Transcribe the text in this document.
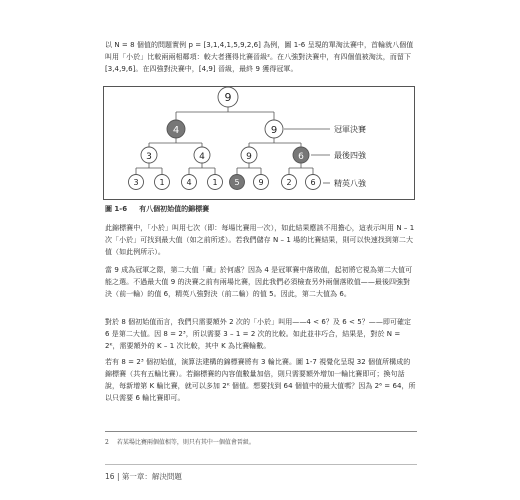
以 N = 8 個值的問題實例 p = [3,1,4,1,5,9,2,6] 為例，圖 1-6 呈現的單淘汰賽中，首輪就八個值叫用「小於」比較兩兩相鄰項：較大者獲得比賽晉級²。在八強對決賽中，有四個值被淘汰，而留下 [3,4,9,6]。在四強對決賽中，[4,9] 晉級，最終 9 獲得冠軍。

9
4	9
3	4	9	6
3	1	4	1 5 9	2 6
冠軍決賽
最後四強
精英八強
圖 1-6 有八個初始值的錦標賽

此錦標賽中，「小於」叫用七次（即：每場比賽用一次），如此結果應該不用擔心，這表示叫用 N – 1 次「小於」可找到最大值（如之前所述）。若我們儲存 N – 1 場的比賽結果，則可以快速找到第二大值（如此例所示）。

當 9 成為冠軍之際，第二大值「藏」於何處？因為 4 是冠軍賽中落敗值，起初將它視為第二大值可能之選。不過最大值 9 的決賽之前有兩場比賽，因此我們必須檢查另外兩個落敗值——最後四強對決（前一輪）的值 6，精英八強對決（前二輪）的值 5。因此，第二大值為 6。

對於 8 個初始值而言，我們只需要額外 2 次的「小於」叫用——4 < 6？及 6 < 5？——即可確定 6 是第二大值。因 8 = 2³，所以需要 3 – 1 = 2 次的比較。如此並非巧合，結果是，對於 N = 2ᴷ，需要額外的 K – 1 次比較，其中 K 為比賽輪數。

若有 8 = 2³ 個初始值，演算法建構的錦標賽將有 3 輪比賽。圖 1-7 視覺化呈現 32 個值所構成的錦標賽（共有五輪比賽）。若錦標賽的內容值數量加倍，則只需要額外增加一輪比賽即可；換句話說，每新增第 K 輪比賽，就可以多加 2ᴷ 個值。想要找到 64 個值中的最大值嗎？因為 2⁶ = 64，所以只需要 6 輪比賽即可。

2 若某場比賽兩個值相等，則只有其中一個值會晉級。
16 | 第一章：解決問題
